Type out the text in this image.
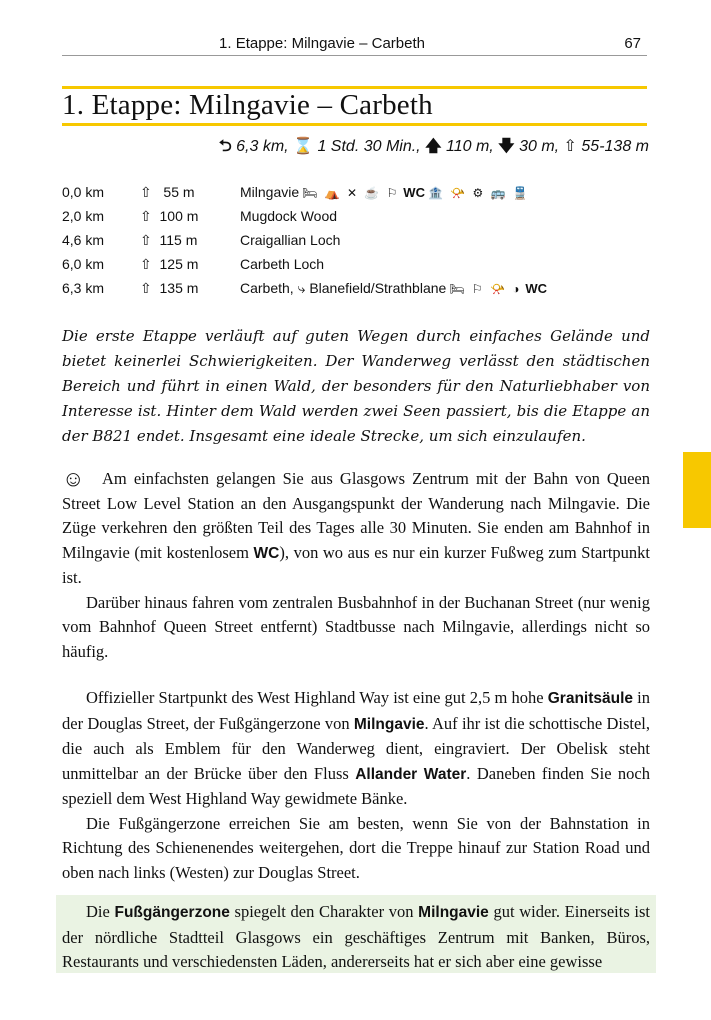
1. Etappe: Milngavie – Carbeth	67
1. Etappe: Milngavie – Carbeth
⮌ 6,3 km, ⌛ 1 Std. 30 Min., 🡅 110 m, 🡇 30 m, ⇧ 55-138 m
0,0 km	⇧   55 m	Milngavie 🛏 ⛺ ✕ ☕ ⚐ WC 🏦 📯 ⚙ 🚌 🚆
2,0 km	⇧  100 m	Mugdock Wood
4,6 km	⇧  115 m	Craigallian Loch
6,0 km	⇧  125 m	Carbeth Loch
6,3 km	⇧  135 m	Carbeth, ⤷ Blanefield/Strathblane 🛏 ⚐ 📯 ◑ WC

Die erste Etappe verläuft auf guten Wegen durch einfaches Gelände und bietet keinerlei Schwierigkeiten. Der Wanderweg verlässt den städtischen Bereich und führt in einen Wald, der besonders für den Naturliebhaber von Interesse ist. Hinter dem Wald werden zwei Seen passiert, bis die Etappe an der B821 endet. Insgesamt eine ideale Strecke, um sich einzulaufen.

☺ Am einfachsten gelangen Sie aus Glasgows Zentrum mit der Bahn von Queen Street Low Level Station an den Ausgangspunkt der Wanderung nach Milngavie. Die Züge verkehren den größten Teil des Tages alle 30 Minuten. Sie enden am Bahnhof in Milngavie (mit kostenlosem WC), von wo aus es nur ein kurzer Fußweg zum Startpunkt ist.

Darüber hinaus fahren vom zentralen Busbahnhof in der Buchanan Street (nur wenig vom Bahnhof Queen Street entfernt) Stadtbusse nach Milngavie, allerdings nicht so häufig.

Offizieller Startpunkt des West Highland Way ist eine gut 2,5 m hohe Granitsäule in der Douglas Street, der Fußgängerzone von Milngavie. Auf ihr ist die schottische Distel, die auch als Emblem für den Wanderweg dient, eingraviert. Der Obelisk steht unmittelbar an der Brücke über den Fluss Allander Water. Daneben finden Sie noch speziell dem West Highland Way gewidmete Bänke.

Die Fußgängerzone erreichen Sie am besten, wenn Sie von der Bahnstation in Richtung des Schienenendes weitergehen, dort die Treppe hinauf zur Station Road und oben nach links (Westen) zur Douglas Street.

Die Fußgängerzone spiegelt den Charakter von Milngavie gut wider. Einerseits ist der nördliche Stadtteil Glasgows ein geschäftiges Zentrum mit Banken, Büros, Restaurants und verschiedensten Läden, andererseits hat er sich aber eine gewisse
